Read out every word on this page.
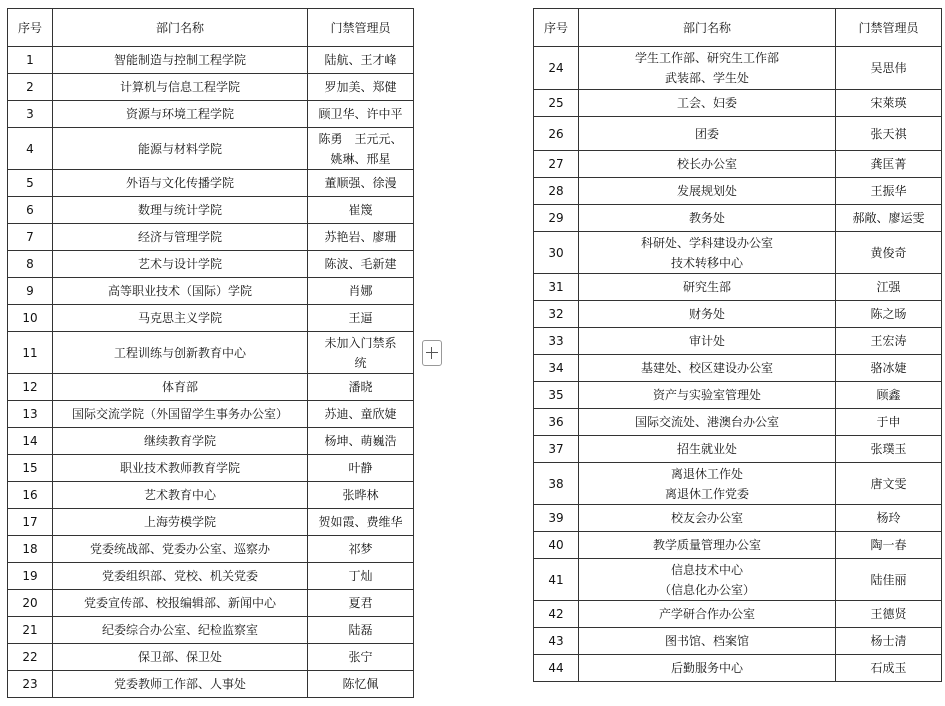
序号	部门名称	门禁管理员

1	智能制造与控制工程学院	陆航、王才峰

2	计算机与信息工程学院	罗加美、郑健

3	资源与环境工程学院	顾卫华、许中平

4	能源与材料学院	陈勇　王元元、
姚琳、邢星

5	外语与文化传播学院	董顺强、徐漫

6	数理与统计学院	崔篾

7	经济与管理学院	苏艳岩、廖珊

8	艺术与设计学院	陈波、毛新建

9	高等职业技术（国际）学院	肖娜

10	马克思主义学院	王逼

11	工程训练与创新教育中心	未加入门禁系
统

12	体育部	潘晓

13	国际交流学院（外国留学生事务办公室）	苏迪、童欣婕

14	继续教育学院	杨坤、萌巍浩

15	职业技术教师教育学院	叶静

16	艺术教育中心	张晔林

17	上海劳模学院	贺如霞、费维华

18	党委统战部、党委办公室、巡察办	祁梦

19	党委组织部、党校、机关党委	丁灿

20	党委宣传部、校报编辑部、新闻中心	夏君

21	纪委综合办公室、纪检监察室	陆磊

22	保卫部、保卫处	张宁

23	党委教师工作部、人事处	陈忆佩
序号	部门名称	门禁管理员

24	学生工作部、研究生工作部
武装部、学生处	吴思伟

25	工会、妇委	宋萊瑛

26	团委	张天祺

27	校长办公室	龚匡菁

28	发展规划处	王振华

29	教务处	郝敞、廖运雯

30	科研处、学科建设办公室
技术转移中心	黄俊奇

31	研究生部	江强

32	财务处	陈之旸

33	审计处	王宏涛

34	基建处、校区建设办公室	骆冰婕

35	资产与实验室管理处	顾鑫

36	国际交流处、港澳台办公室	于申

37	招生就业处	张璞玉

38	离退休工作处
离退休工作党委	唐文雯

39	校友会办公室	杨玲

40	教学质量管理办公室	陶一春

41	信息技术中心
（信息化办公室）	陆佳丽

42	产学研合作办公室	王德贤

43	图书馆、档案馆	杨士清

44	后勤服务中心	石成玉
